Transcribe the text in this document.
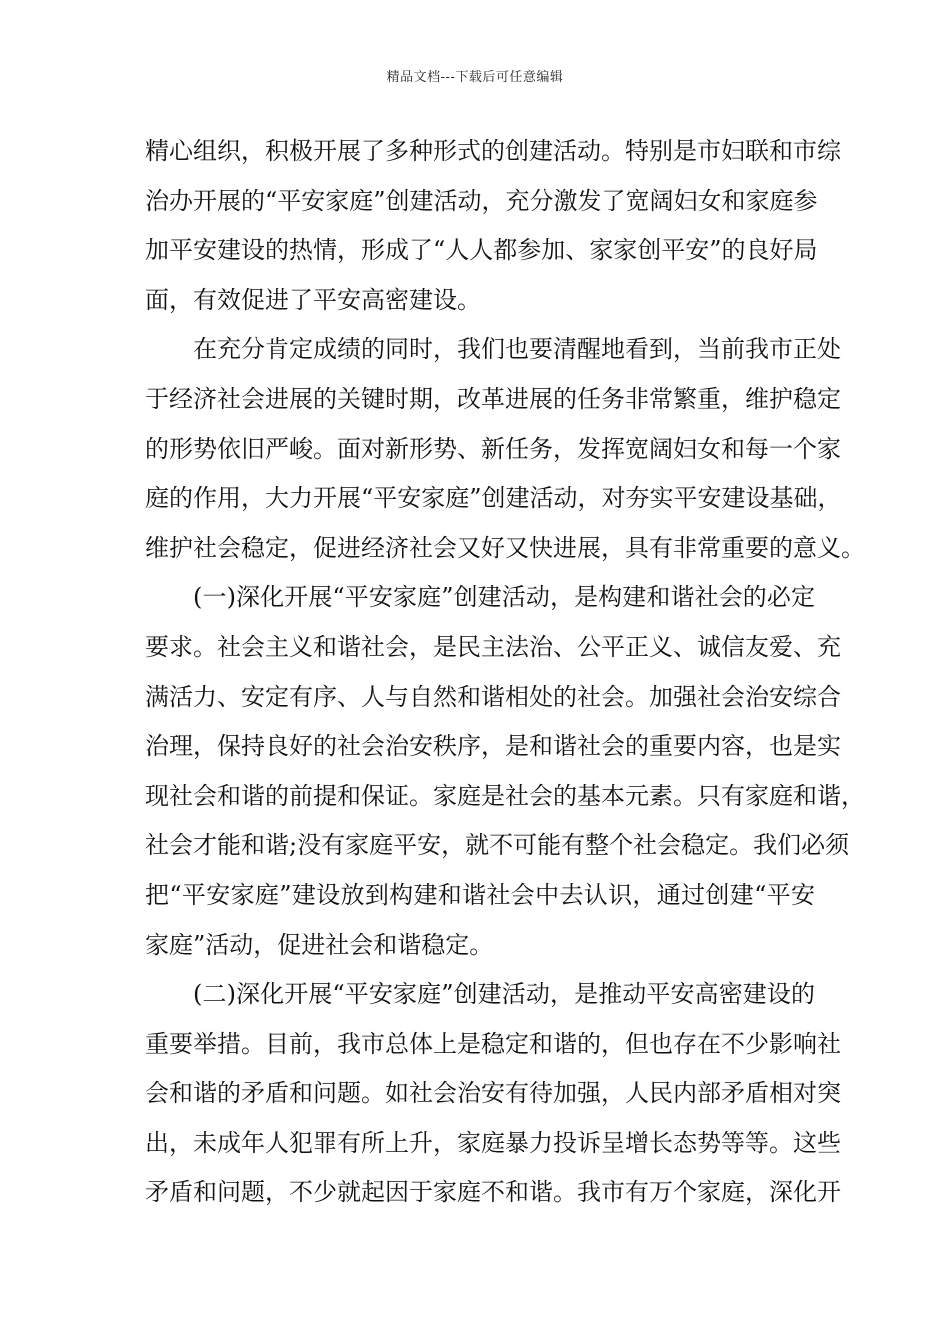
精品文档---下载后可任意编辑
精心组织，积极开展了多种形式的创建活动。特别是市妇联和市综
治办开展的“平安家庭”创建活动，充分激发了宽阔妇女和家庭参
加平安建设的热情，形成了“人人都参加、家家创平安”的良好局
面，有效促进了平安高密建设。
在充分肯定成绩的同时，我们也要清醒地看到，当前我市正处
于经济社会进展的关键时期，改革进展的任务非常繁重，维护稳定
的形势依旧严峻。面对新形势、新任务，发挥宽阔妇女和每一个家
庭的作用，大力开展“平安家庭”创建活动，对夯实平安建设基础，
维护社会稳定，促进经济社会又好又快进展，具有非常重要的意义。
(一)深化开展“平安家庭”创建活动，是构建和谐社会的必定
要求。社会主义和谐社会，是民主法治、公平正义、诚信友爱、充
满活力、安定有序、人与自然和谐相处的社会。加强社会治安综合
治理，保持良好的社会治安秩序，是和谐社会的重要内容，也是实
现社会和谐的前提和保证。家庭是社会的基本元素。只有家庭和谐，
社会才能和谐;没有家庭平安，就不可能有整个社会稳定。我们必须
把“平安家庭”建设放到构建和谐社会中去认识，通过创建“平安
家庭”活动，促进社会和谐稳定。
(二)深化开展“平安家庭”创建活动，是推动平安高密建设的
重要举措。目前，我市总体上是稳定和谐的，但也存在不少影响社
会和谐的矛盾和问题。如社会治安有待加强，人民内部矛盾相对突
出，未成年人犯罪有所上升，家庭暴力投诉呈增长态势等等。这些
矛盾和问题，不少就起因于家庭不和谐。我市有万个家庭，深化开
